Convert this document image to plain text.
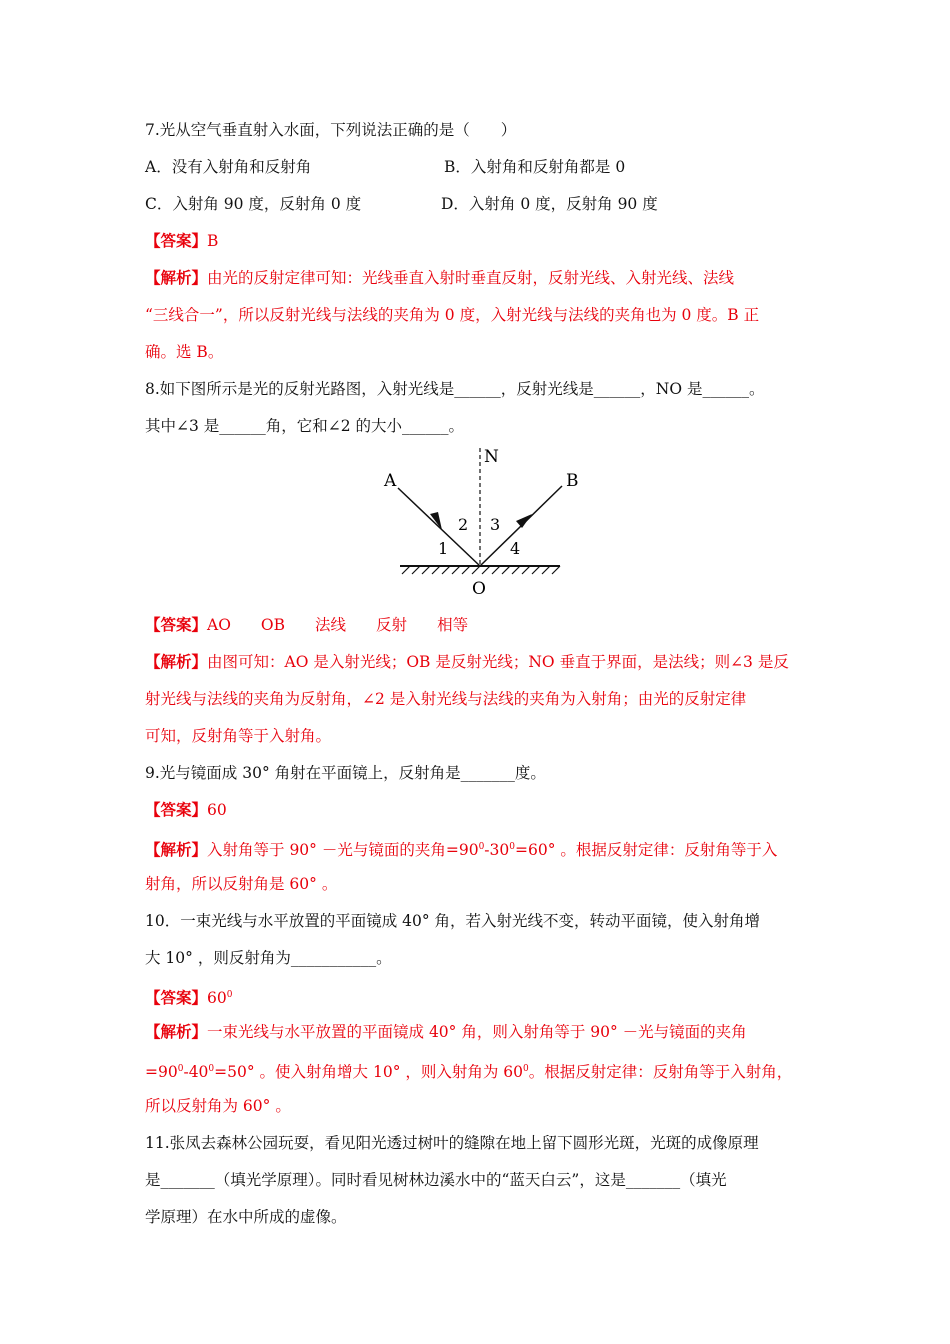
7.光从空气垂直射入水面，下列说法正确的是（　　）
A．没有入射角和反射角	B．入射角和反射角都是 0
C．入射角 90 度，反射角 0 度	D．入射角 0 度，反射角 90 度
【答案】B
【解析】由光的反射定律可知：光线垂直入射时垂直反射，反射光线、入射光线、法线
“三线合一”，所以反射光线与法线的夹角为 0 度，入射光线与法线的夹角也为 0 度。B 正
确。选 B。
8.如下图所示是光的反射光路图，入射光线是______，反射光线是______，NO 是______。
其中∠3 是______角，它和∠2 的大小______。
A	B
N
O
1
2 3
4
【答案】AO OB 法线 反射 相等
【解析】由图可知：AO 是入射光线；OB 是反射光线；NO 垂直于界面，是法线；则∠3 是反
射光线与法线的夹角为反射角，∠2 是入射光线与法线的夹角为入射角；由光的反射定律
可知，反射角等于入射角。
9.光与镜面成 30° 角射在平面镜上，反射角是_______度。
【答案】60
【解析】入射角等于 90° －光与镜面的夹角$=90^0-30^0=60^\circ$ 。根据反射定律：反射角等于入
射角，所以反射角是 60° 。
10．一束光线与水平放置的平面镜成 40° 角，若入射光线不变，转动平面镜，使入射角增
大 10° ，则反射角为___________。
【答案】$60^0$
【解析】一束光线与水平放置的平面镜成 40° 角，则入射角等于 90° －光与镜面的夹角
$=90^0-40^0=50^\circ$ 。使入射角增大 10° ，则入射角为 $60^0$。根据反射定律：反射角等于入射角，
所以反射角为 60° 。
11.张凤去森林公园玩耍，看见阳光透过树叶的缝隙在地上留下圆形光斑，光斑的成像原理
是_______（填光学原理）。同时看见树林边溪水中的“蓝天白云”，这是_______（填光
学原理）在水中所成的虚像。
